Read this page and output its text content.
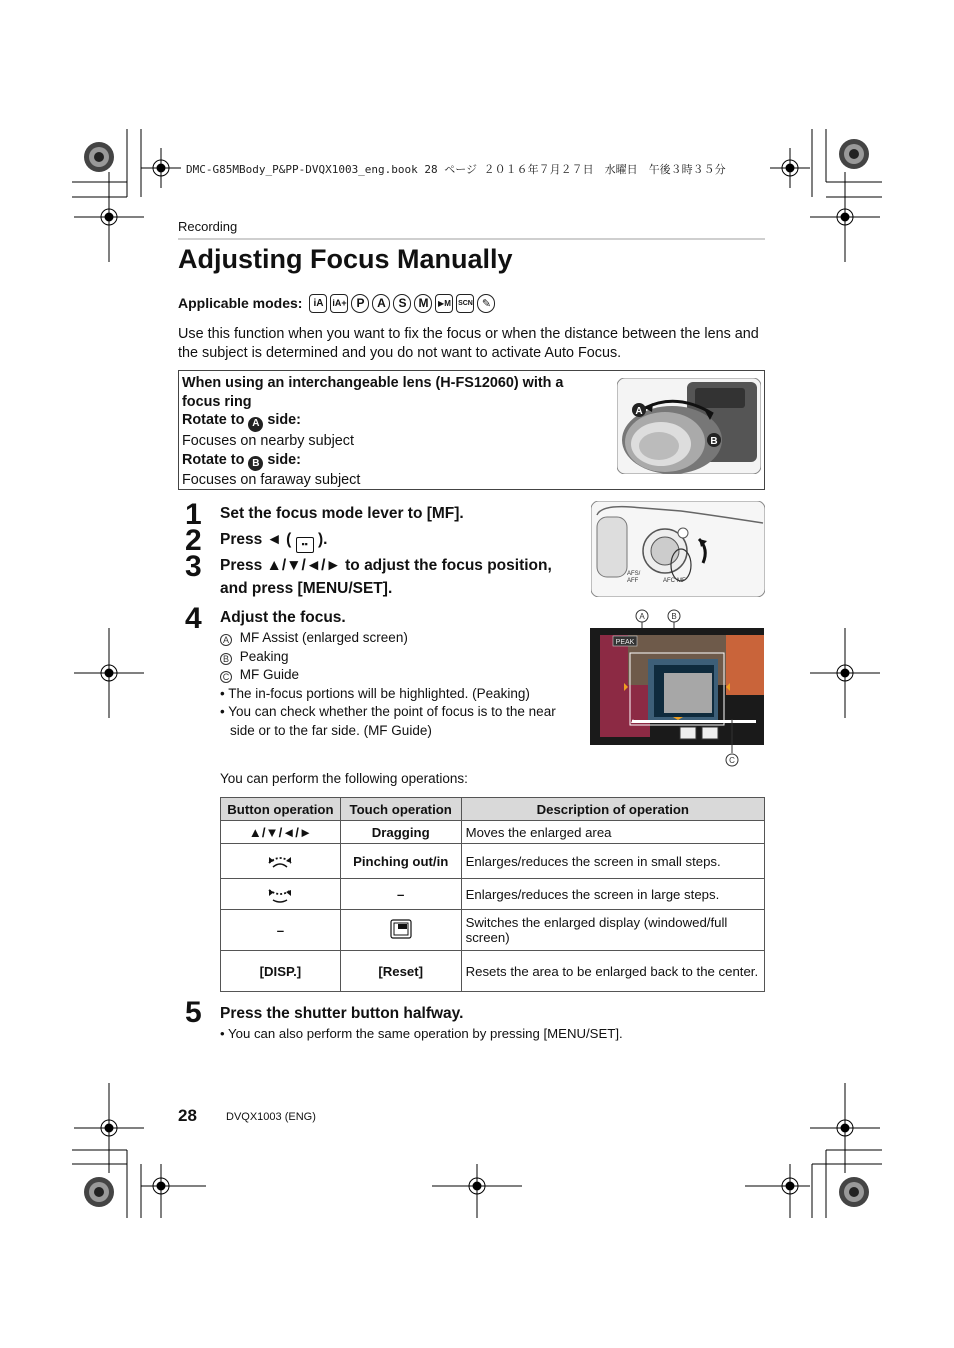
DMC-G85MBody_P&PP-DVQX1003_eng.book 28 ページ ２０１６年７月２７日　水曜日　午後３時３５分
Recording
Adjusting Focus Manually
Applicable modes:	iA iA+ P	A	S	M	▶M	SCN ✎
Use this function when you want to fix the focus or when the distance between the lens and the subject is determined and you do not want to activate Auto Focus.
When using an interchangeable lens (H-FS12060) with a focus ring
Rotate to A side:
Focuses on nearby subject
Rotate to B side:
Focuses on faraway subject
A
B
1
2
3
Set the focus mode lever to [MF].
Press ◄ ( ▪▪ ).
Press ▲/▼/◄/► to adjust the focus position, and press [MENU/SET].
AFS/
AFF	AFC MF
4 Adjust the focus.
A MF Assist (enlarged screen)
B Peaking
C MF Guide
• The in-focus portions will be highlighted. (Peaking)
• You can check whether the point of focus is to the near side or to the far side. (MF Guide)
A	B
PEAK
C
You can perform the following operations:
Button operation	Touch operation	Description of operation
▲/▼/◄/►	Dragging	Moves the enlarged area
	Pinching out/in	Enlarges/reduces the screen in small steps.
	–	Enlarges/reduces the screen in large steps.
–		Switches the enlarged display (windowed/full screen)
[DISP.]	[Reset]	Resets the area to be enlarged back to the center.
5 Press the shutter button halfway.
• You can also perform the same operation by pressing [MENU/SET].
28	DVQX1003 (ENG)
